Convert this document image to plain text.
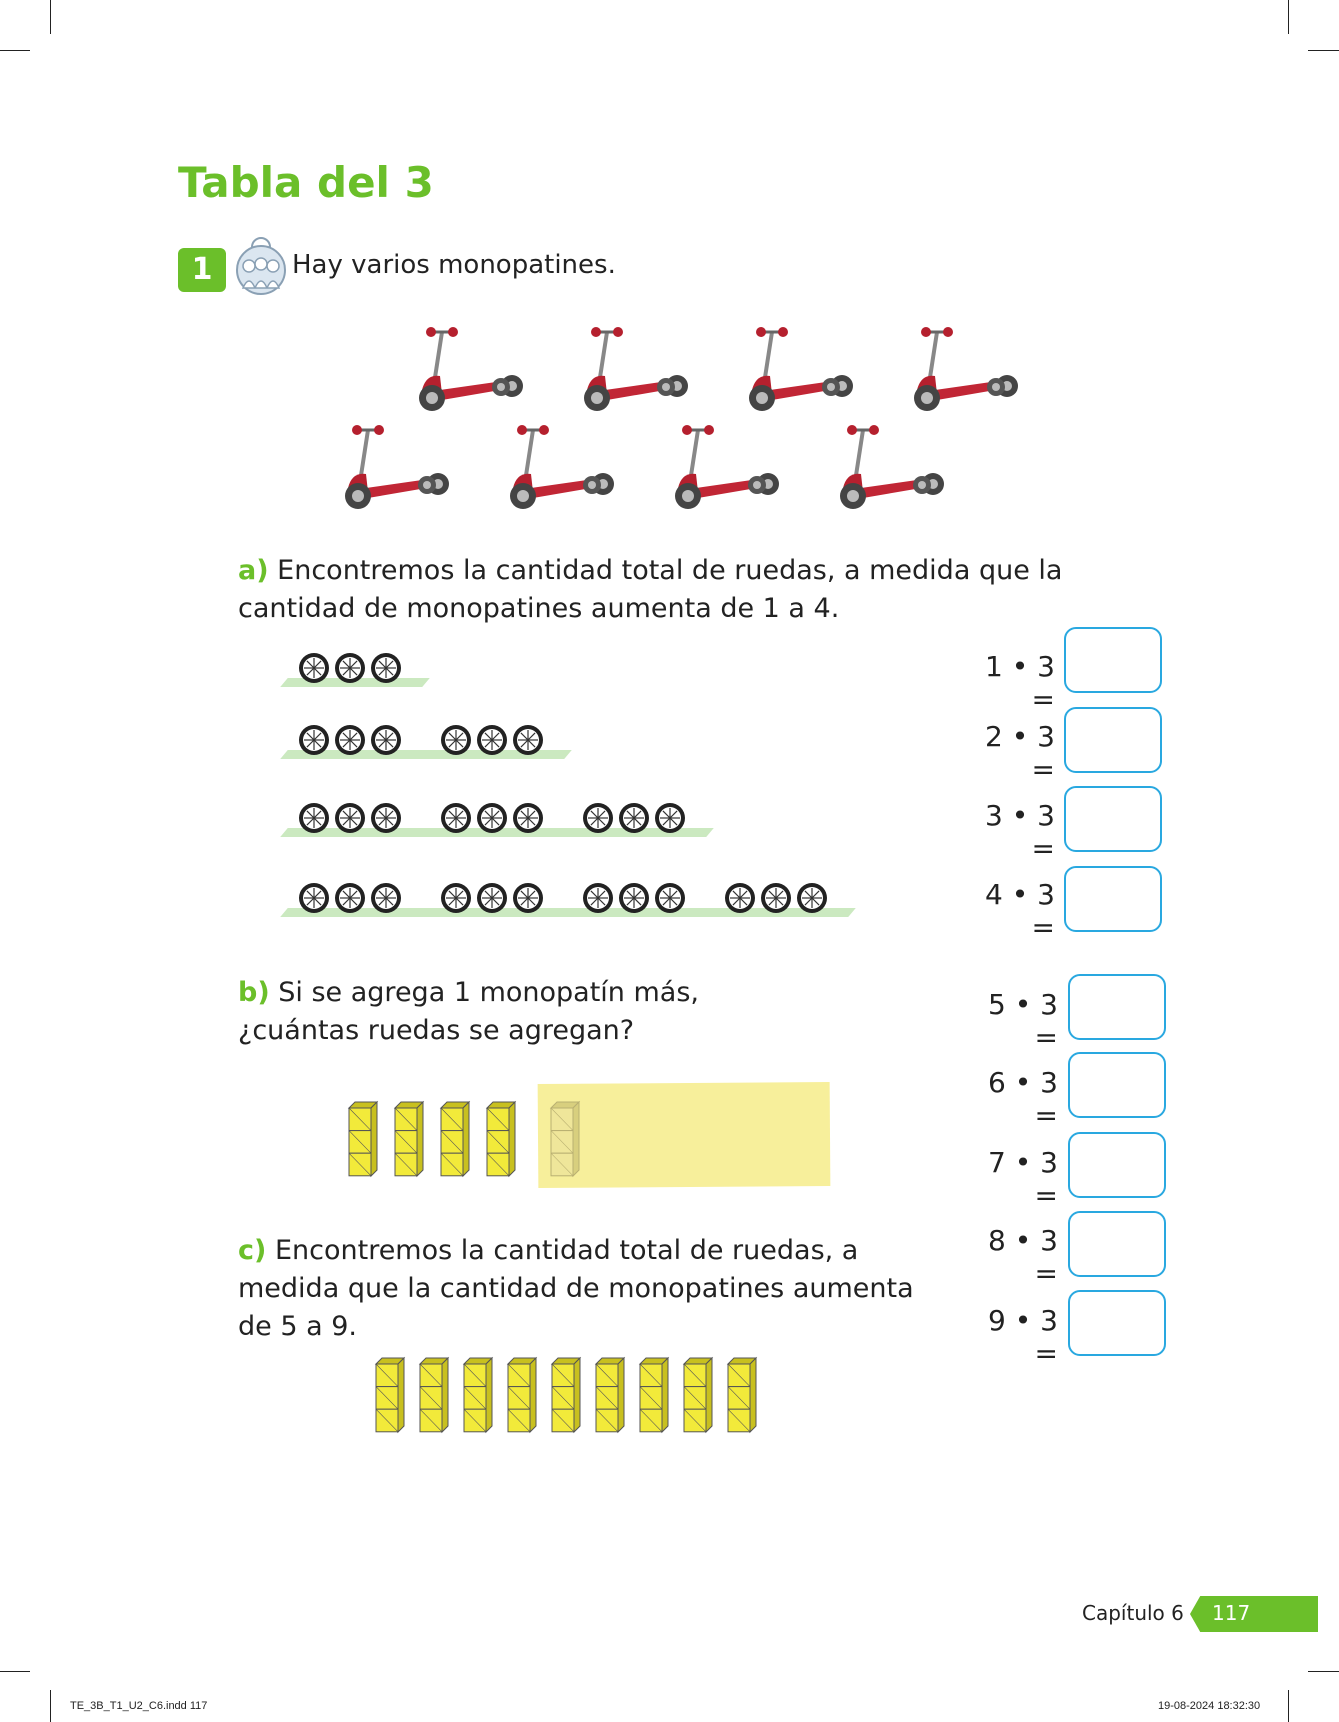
Tabla del 3
1	Hay varios monopatines.
a) Encontremos la cantidad total de ruedas, a medida que la cantidad de monopatines aumenta de 1 a 4.
1 • 3 =
2 • 3 =
3 • 3 =
4 • 3 =
b) Si se agrega 1 monopatín más, ¿cuántas ruedas se agregan?
c) Encontremos la cantidad total de ruedas, a medida que la cantidad de monopatines aumenta de 5 a 9.
5 • 3 =
6 • 3 =
7 • 3 =
8 • 3 =
9 • 3 =
Capítulo 6 117
TE_3B_T1_U2_C6.indd 117	19-08-2024 18:32:30
